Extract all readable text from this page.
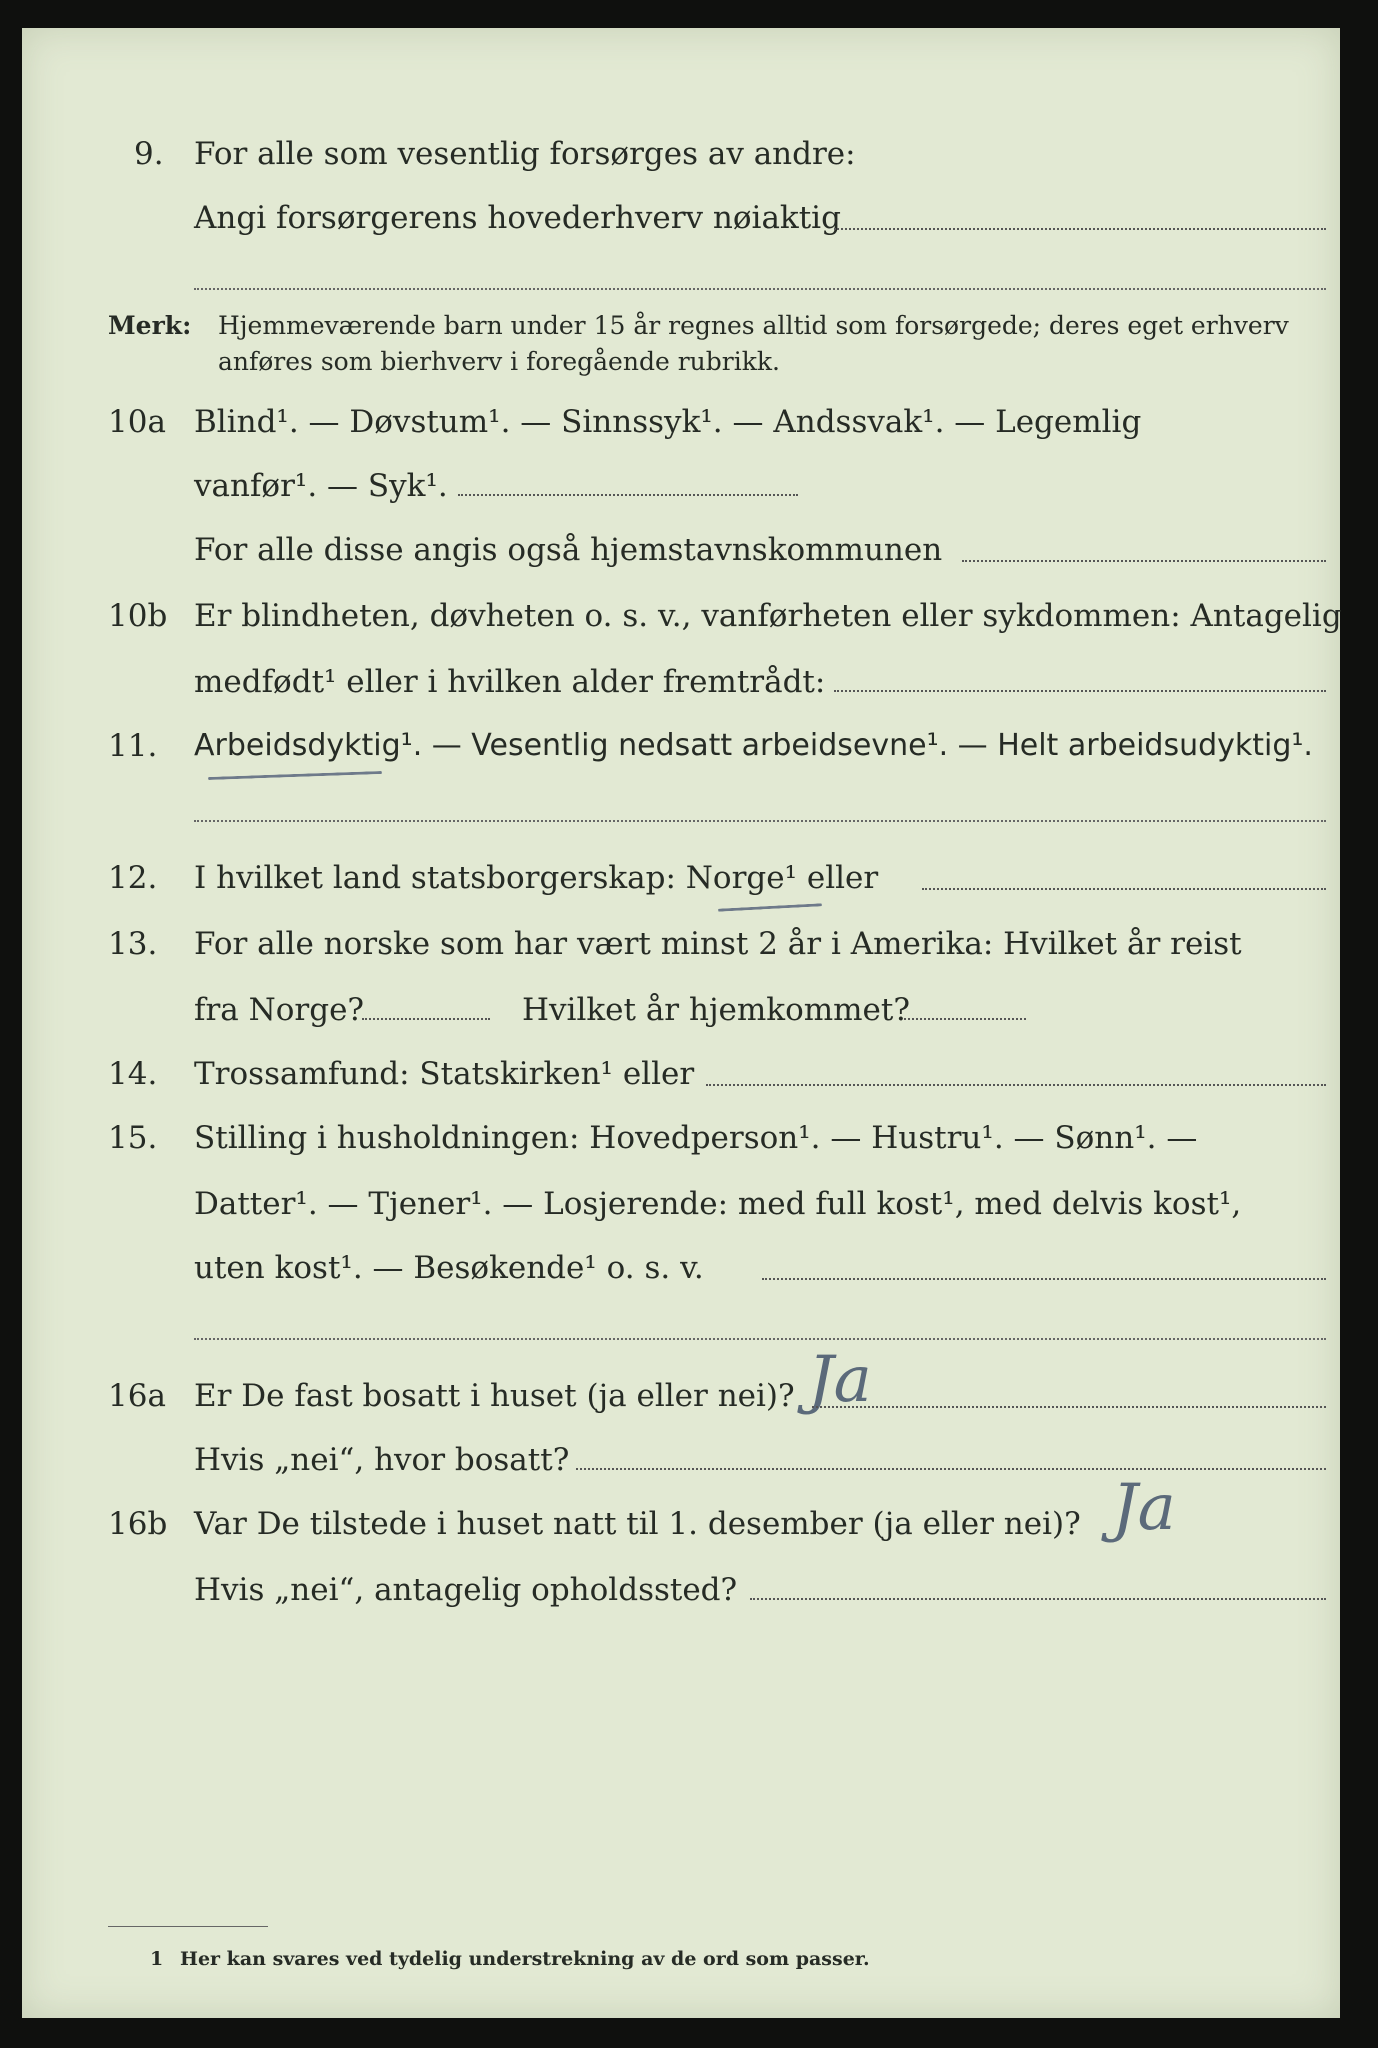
9. For alle som vesentlig forsørges av andre:
Angi forsørgerens hovederhverv nøiaktig
Merk: Hjemmeværende barn under 15 år regnes alltid som forsørgede; deres eget erhverv
anføres som bierhverv i foregående rubrikk.
10a Blind¹. — Døvstum¹. — Sinnssyk¹. — Andssvak¹. — Legemlig
vanfør¹. — Syk¹.
For alle disse angis også hjemstavnskommunen
10b Er blindheten, døvheten o. s. v., vanførheten eller sykdommen: Antagelig
medfødt¹ eller i hvilken alder fremtrådt:
11. Arbeidsdyktig¹. — Vesentlig nedsatt arbeidsevne¹. — Helt arbeidsudyktig¹.
12. I hvilket land statsborgerskap: Norge¹ eller
13. For alle norske som har vært minst 2 år i Amerika: Hvilket år reist
fra Norge?	Hvilket år hjemkommet?
14. Trossamfund: Statskirken¹ eller
15. Stilling i husholdningen: Hovedperson¹. — Hustru¹. — Sønn¹. —
Datter¹. — Tjener¹. — Losjerende: med full kost¹, med delvis kost¹,
uten kost¹. — Besøkende¹ o. s. v.
16a Er De fast bosatt i huset (ja eller nei)? Ja
Hvis „nei“, hvor bosatt?
16b Var De tilstede i huset natt til 1. desember (ja eller nei)? Ja
Hvis „nei“, antagelig opholdssted?
1 Her kan svares ved tydelig understrekning av de ord som passer.
